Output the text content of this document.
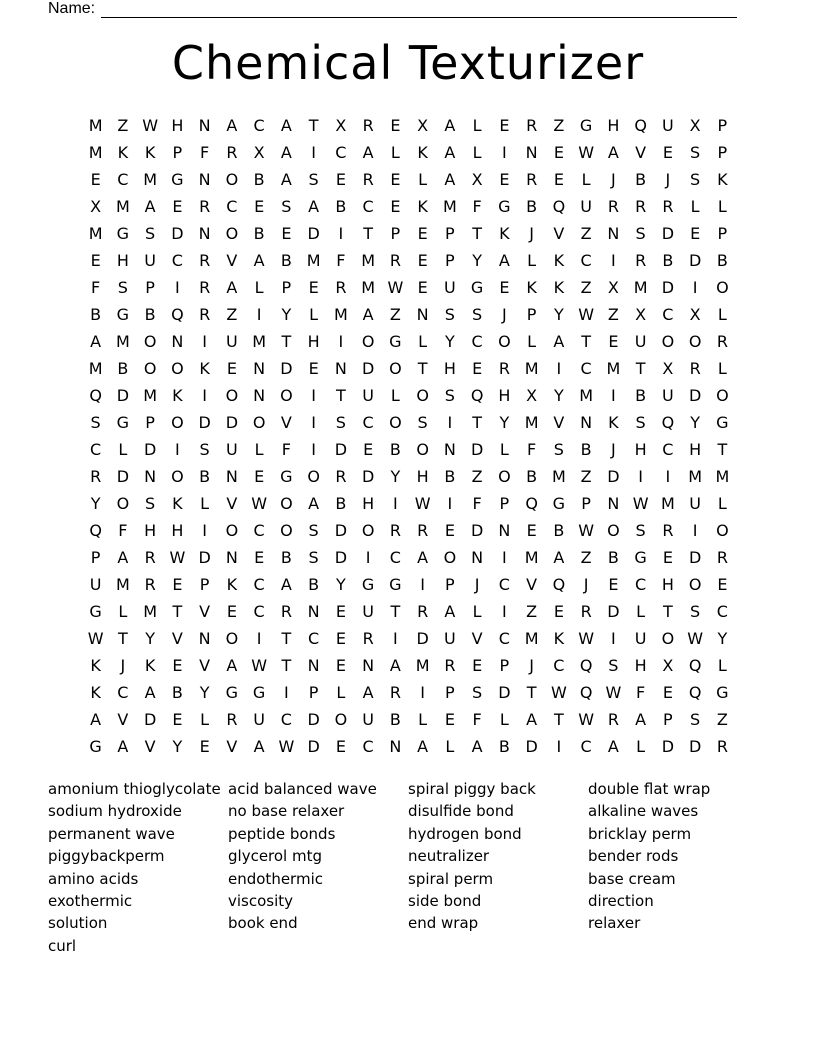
Name:
Chemical Texturizer
M Z W H N A	C	A	T	X	R	E	X	A	L	E	R	Z G H Q U X	P
M K	K	P	F	R	X	A	I	C	A	L	K	A	L	I	N	E W A	V	E	S	P
E	C M G N O B	A	S	E	R	E	L	A	X	E	R	E	L	J	B	J	S	K
X M A	E	R	C	E	S	A	B	C	E	K M F	G B Q U R	R	R	L	L
M G S	D N O B	E	D	I	T	P	E	P	T	K	J	V	Z N	S	D	E	P
E	H U C	R	V	A	B M F M R	E	P	Y	A	L	K	C	I	R	B D B
F	S	P	I	R	A	L	P	E	R M W E	U G E	K	K	Z	X M D	I	O
B G B Q R	Z	I	Y	L M A	Z N	S	S	J	P	Y W Z	X	C	X	L
A M O N	I	U M T	H	I	O G	L	Y	C O	L	A	T	E	U O O R
M B O O K	E	N D	E	N D O	T	H	E	R M	I	C M T	X	R	L
Q D M K	I	O N O	I	T	U	L	O S Q H X	Y M	I	B U D O
S G	P	O D D O V	I	S	C O S	I	T	Y M V N	K	S Q	Y	G
C	L	D	I	S	U	L	F	I	D	E	B O N D	L	F	S	B	J	H C H	T
R D N O B N	E	G O R D	Y	H B	Z O B M Z D	I	I	M M
Y	O S	K	L	V W O A	B H	I	W	I	F	P	Q G	P	N W M U	L
Q	F	H H	I	O C O S	D O R	R	E	D N	E	B W O S	R	I	O
P	A	R W D N	E	B	S	D	I	C	A O N	I	M A	Z	B G E	D R
U M R	E	P	K	C	A	B	Y	G G	I	P	J	C	V Q	J	E	C H O E
G	L M T	V	E	C	R N	E	U	T	R	A	L	I	Z	E	R D	L	T	S	C
W T	Y	V N O	I	T	C	E	R	I	D U V	C M K W	I	U O W Y
K	J	K	E	V	A W T	N	E	N A M R	E	P	J	C Q S	H X Q	L
K	C	A	B	Y	G G	I	P	L	A	R	I	P	S	D	T W Q W F	E Q G
A	V D	E	L	R U C D O U B	L	E	F	L	A	T W R	A	P	S	Z
G A	V	Y	E	V	A W D	E	C N A	L	A	B D	I	C	A	L	D D R
amonium thioglycolate
sodium hydroxide
permanent wave
piggybackperm
amino acids
exothermic
solution
curl
acid balanced wave
no base relaxer
peptide bonds
glycerol mtg
endothermic
viscosity
book end
spiral piggy back
disulfide bond
hydrogen bond
neutralizer
spiral perm
side bond
end wrap
double flat wrap
alkaline waves
bricklay perm
bender rods
base cream
direction
relaxer
